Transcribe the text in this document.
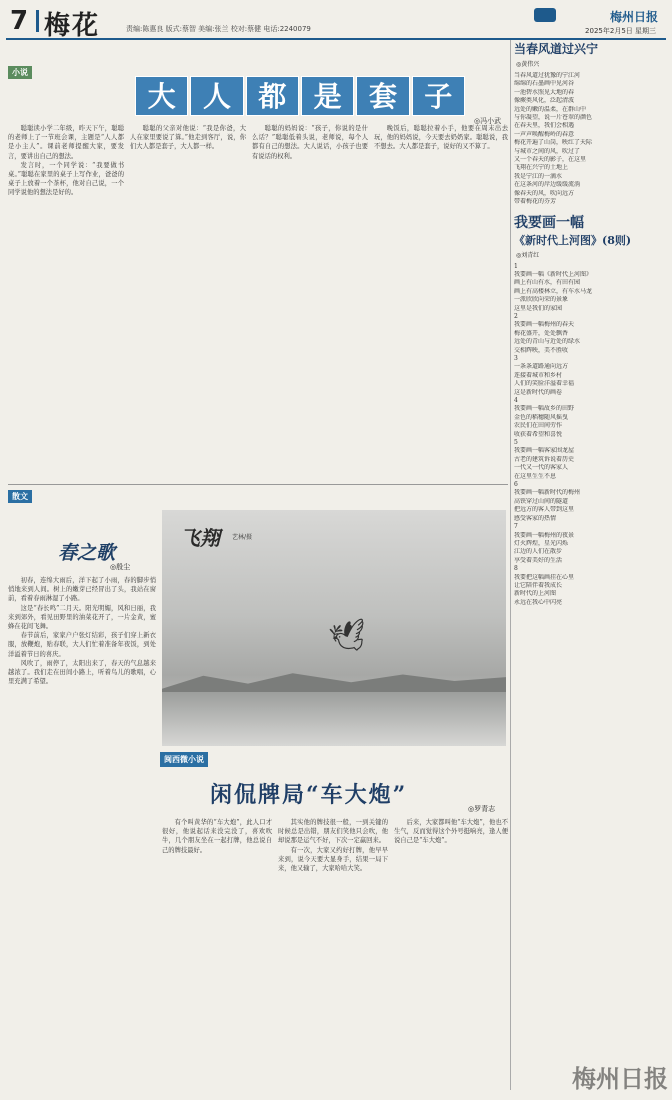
7 梅花	责编:陈惠良 版式:蔡智 美编:张兰 校对:蔡健 电话:2240079
梅州日报
2025年2月5日 星期三
小说
大 人 都 是 套 子
◎冯小武

聪聪读小学二年级，昨天下午，聪聪的老师上了一节班会课，主题是“人人都是小主人”。课前老师提醒大家，要发言，要讲出自己的想法。

发言时，一个同学说：“我要做书桌。”聪聪在家里的桌子上写作业，爸爸的桌子上放着一个茶杯，他对自己说，一个同学说他的想法是好的。

聪聪的父亲对他说：“我是你爸，大人在家里要说了算。”他走到客厅，说，你们大人都是套子，大人都一样。

聪聪的妈妈说：“孩子，你说的是什么话？”聪聪低着头说，老师说，每个人都有自己的想法。大人说话，小孩子也要有说话的权利。

晚饭后，聪聪拉着小手，他要在周末出去玩，他的妈妈说，今天要去奶奶家。聪聪说，我不想去。大人都是套子，说好的又不算了。

散文
春之歌
◎殷尘

初春，连绵大雨后，洋下起了小雨，春的脚步悄悄地来到人间。树上的嫩芽已经冒出了头，我站在窗前，看着春雨淋湿了小路。

这是“春长鸣”二月天。阳光明媚，风和日丽，我来到郊外，看见田野里的油菜花开了，一片金黄，蜜蜂在花间飞舞。

春节前后，家家户户张灯结彩，孩子们穿上新衣服，放鞭炮，贴春联，大人们忙着准备年夜饭，到处洋溢着节日的喜庆。

风吹了，雨停了，太阳出来了，春天的气息越来越浓了。我们走在田间小路上，听着鸟儿的歌唱，心里充满了希望。

飞翔 艺林/摄
🕊
闽西微小说
闲侃牌局“车大炮”
◎罗青志

有个叫黄华的“车大炮”，此人口才很好，他说起话来没完没了，喜欢吹牛，几个朋友坐在一起打牌，他总说自己的牌技最好。

其实他的牌技很一般，一到关键的时候总是出错，朋友们笑他只会吹，他却说那是运气不好，下次一定赢回来。

有一次，大家又约好打牌，他早早来到，说今天要大显身手，结果一局下来，他又输了，大家哈哈大笑。

后来，大家都叫他“车大炮”，他也不生气，反而觉得这个外号挺响亮，逢人便说自己是“车大炮”。

当春风道过兴宁
◎黄伟兴
当春风道过犹豫的宁江河
绵绵的石墨画中见河谷
一池碧水照见大地的春
像蕨类风化，泛起清波
远处的嫩的温柔，在群山中
与你凝望，说一片苍翠的颜色
在春天里，我们会相遇
一声声唤醒梅岭的春意
梅花开遍了山岗，映红了天际
与城市之间的风，吹过了
又一个春天的影子，在这里
飞翔在兴宁的土地上
我是宁江的一滴水
在这条河的岸边缓缓流淌
像春天的风，吹向远方
带着梅花的芬芳
我要画一幅
《新时代上河图》(8则)
◎刘青红
1
我要画一幅《新时代上河图》
画上有山有水，有田有园
画上有高楼林立，有车水马龙
一派欣欣向荣的景象
这里是我们的家园
2
我要画一幅梅州的春天
梅花盛开，处处飘香
远处的青山与近处的绿水
交相辉映，美不胜收
3
一条条道路通向远方
连接着城市和乡村
人们的笑脸洋溢着幸福
这是新时代的画卷
4
我要画一幅故乡的田野
金色的稻穗随风摇曳
农民们在田间劳作
收获着希望和喜悦
5
我要画一幅客家围龙屋
古老的建筑诉说着历史
一代又一代的客家人
在这里生生不息
6
我要画一幅新时代的梅州
高铁穿过山间的隧道
把远方的客人带到这里
感受客家的热情
7
我要画一幅梅州的夜景
灯火辉煌，星光闪烁
江边的人们在散步
享受着美好的生活
8
我要把这幅画挂在心里
让它陪伴着我成长
新时代的上河图
永远在我心中闪亮
梅州日报
